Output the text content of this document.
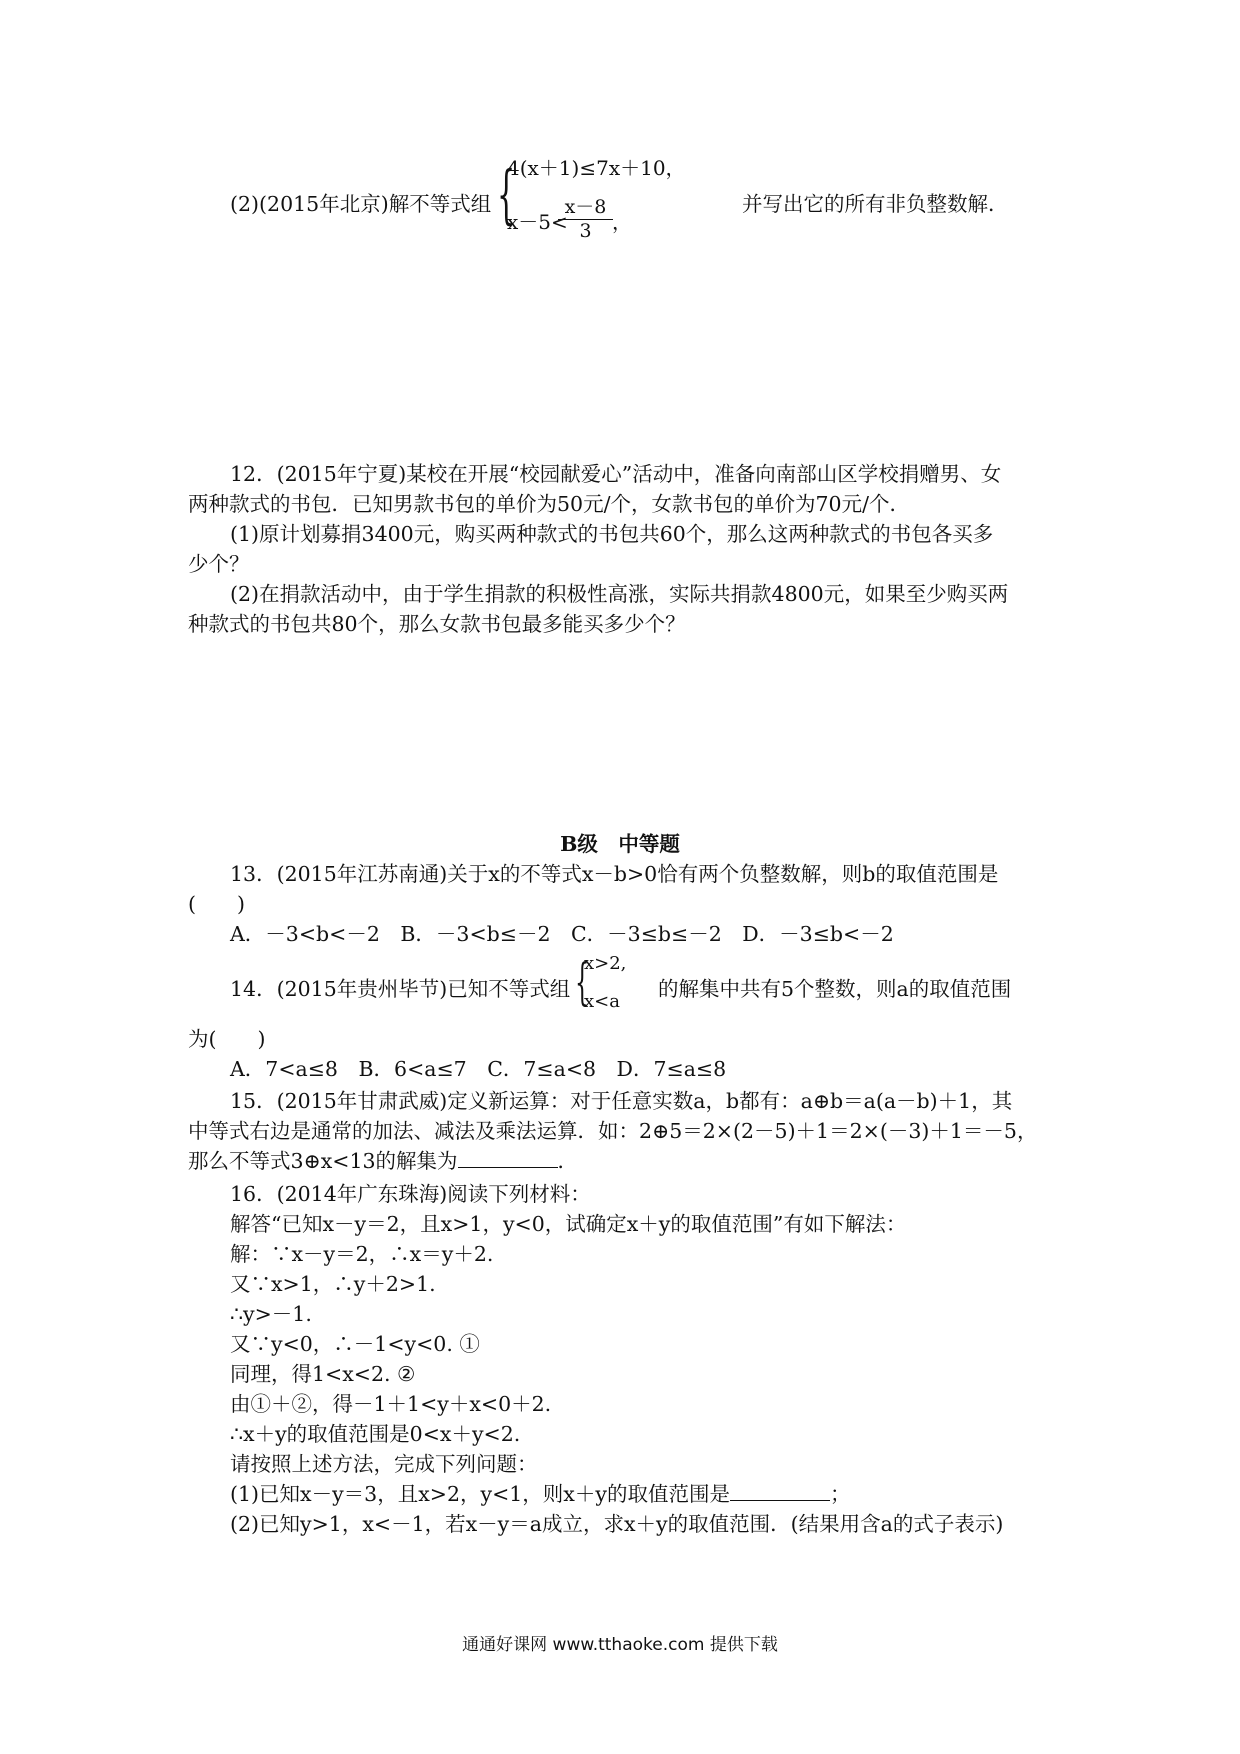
(2)(2015年北京)解不等式组 {
4(x＋1)≤7x＋10，
x－5<
$\frac{x-8}{3}$ ，
并写出它的所有非负整数解．
12．(2015年宁夏)某校在开展“校园献爱心”活动中，准备向南部山区学校捐赠男、女
两种款式的书包．已知男款书包的单价为50元/个，女款书包的单价为70元/个．
(1)原计划募捐3400元，购买两种款式的书包共60个，那么这两种款式的书包各买多
少个？
(2)在捐款活动中，由于学生捐款的积极性高涨，实际共捐款4800元，如果至少购买两
种款式的书包共80个，那么女款书包最多能买多少个？
B级　中等题
13．(2015年江苏南通)关于x的不等式x－b>0恰有两个负整数解，则b的取值范围是
(　　)
A．－3<b<－2　B．－3<b≤－2　C．－3≤b≤－2　D．－3≤b<－2
14．(2015年贵州毕节)已知不等式组 {
x>2,
x<a
的解集中共有5个整数，则a的取值范围
为(　　)
A．7<a≤8　B．6<a≤7　C．7≤a<8　D．7≤a≤8
15．(2015年甘肃武威)定义新运算：对于任意实数a，b都有：a⊕b＝a(a－b)＋1，其
中等式右边是通常的加法、减法及乘法运算．如：2⊕5＝2×(2－5)＋1＝2×(－3)＋1＝－5，
那么不等式3⊕x<13的解集为	．
16．(2014年广东珠海)阅读下列材料：
解答“已知x－y＝2，且x>1，y<0，试确定x＋y的取值范围”有如下解法：
解：∵x－y＝2，∴x＝y＋2.
又∵x>1，∴y＋2>1.
∴y>－1.
又∵y<0，∴－1<y<0. ①
同理，得1<x<2. ②
由①＋②，得－1＋1<y＋x<0＋2.
∴x＋y的取值范围是0<x＋y<2.
请按照上述方法，完成下列问题：
(1)已知x－y＝3，且x>2，y<1，则x＋y的取值范围是	；
(2)已知y>1，x<－1，若x－y＝a成立，求x＋y的取值范围．(结果用含a的式子表示)
通通好课网 www.tthaoke.com 提供下载
